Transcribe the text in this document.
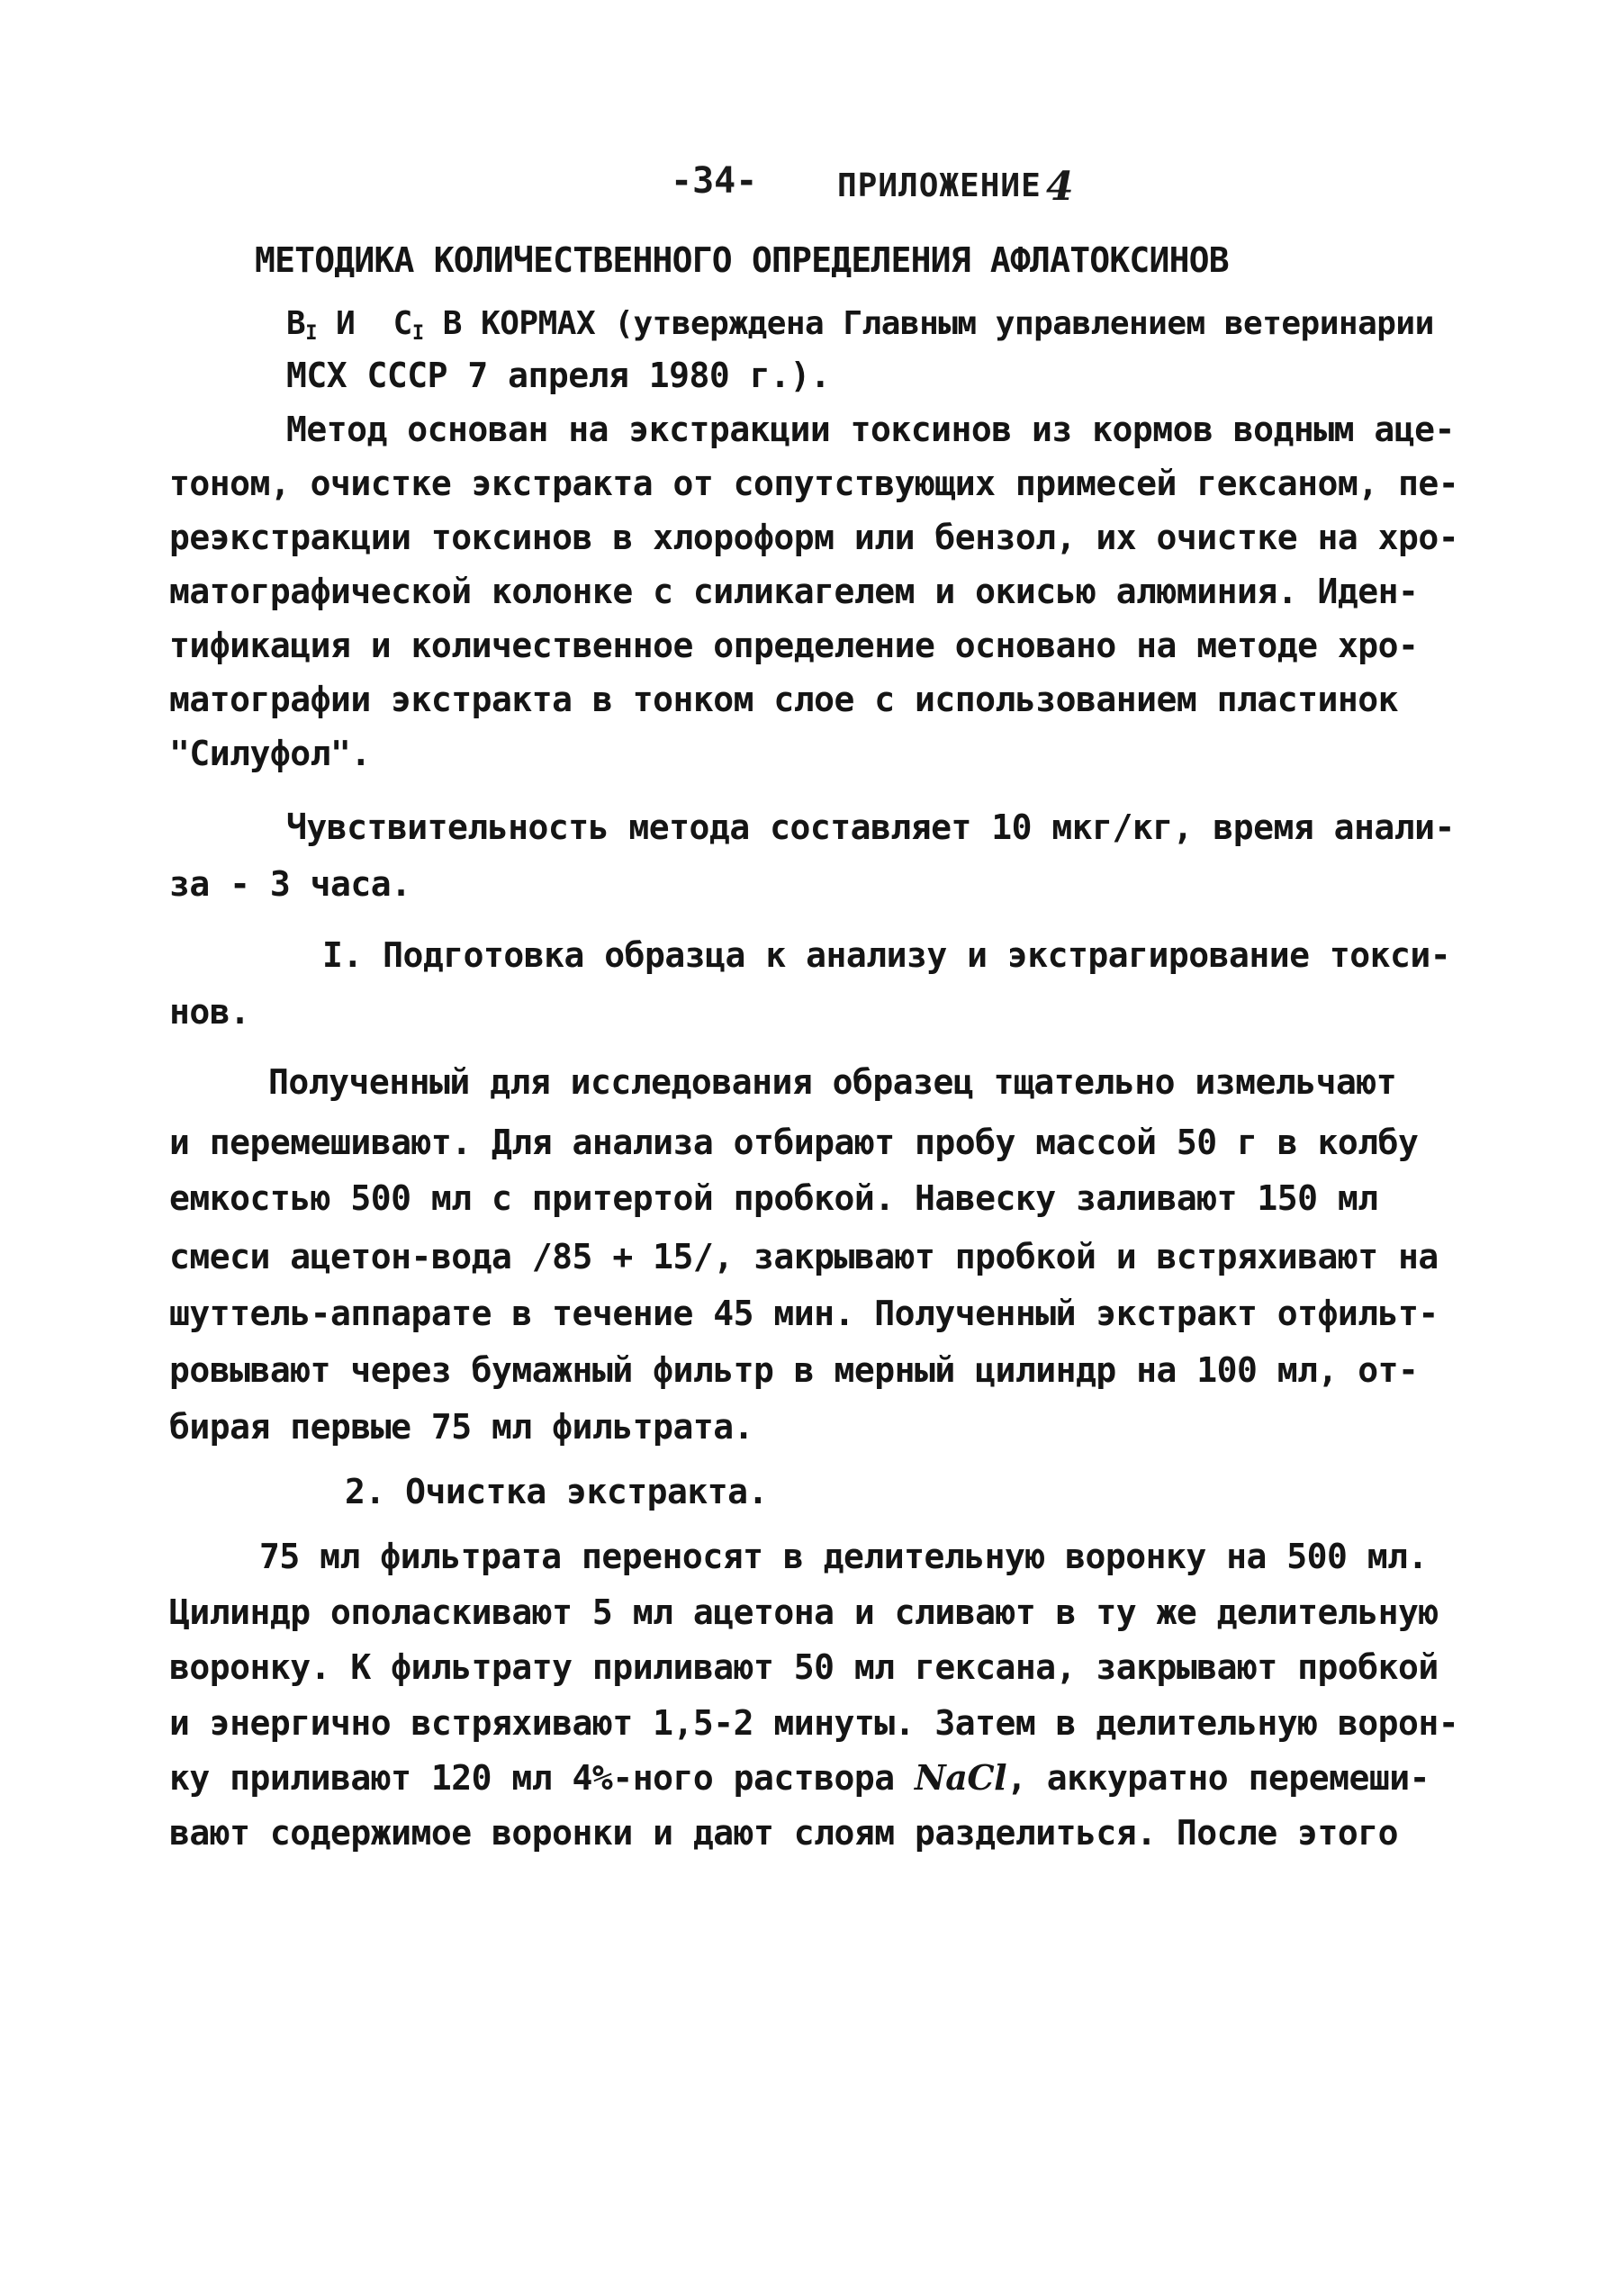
-34- ПРИЛОЖЕНИЕ 4
МЕТОДИКА КОЛИЧЕСТВЕННОГО ОПРЕДЕЛЕНИЯ АФЛАТОКСИНОВ
$В_I$ И  $С_I$ В КОРМАХ (утверждена Главным управлением ветеринарии
МСХ СССР 7 апреля 1980 г.).
Метод основан на экстракции токсинов из кормов водным аце-
тоном, очистке экстракта от сопутствующих примесей гексаном, пе-
реэкстракции токсинов в хлороформ или бензол, их очистке на хро-
матографической колонке с силикагелем и окисью алюминия. Иден-
тификация и количественное определение основано на методе хро-
матографии экстракта в тонком слое с использованием пластинок
"Силуфол".
Чувствительность метода составляет 10 мкг/кг, время анали-
за - 3 часа.
I. Подготовка образца к анализу и экстрагирование токси-
нов.
Полученный для исследования образец тщательно измельчают
и перемешивают. Для анализа отбирают пробу массой 50 г в колбу
емкостью 500 мл с притертой пробкой. Навеску заливают 150 мл
смеси ацетон-вода /85 + 15/, закрывают пробкой и встряхивают на
шуттель-аппарате в течение 45 мин. Полученный экстракт отфильт-
ровывают через бумажный фильтр в мерный цилиндр на 100 мл, от-
бирая первые 75 мл фильтрата.
2. Очистка экстракта.
75 мл фильтрата переносят в делительную воронку на 500 мл.
Цилиндр ополаскивают 5 мл ацетона и сливают в ту же делительную
воронку. К фильтрату приливают 50 мл гексана, закрывают пробкой
и энергично встряхивают 1,5-2 минуты. Затем в делительную ворон-
ку приливают 120 мл 4%-ного раствора NaCl, аккуратно перемеши-
вают содержимое воронки и дают слоям разделиться. После этого
